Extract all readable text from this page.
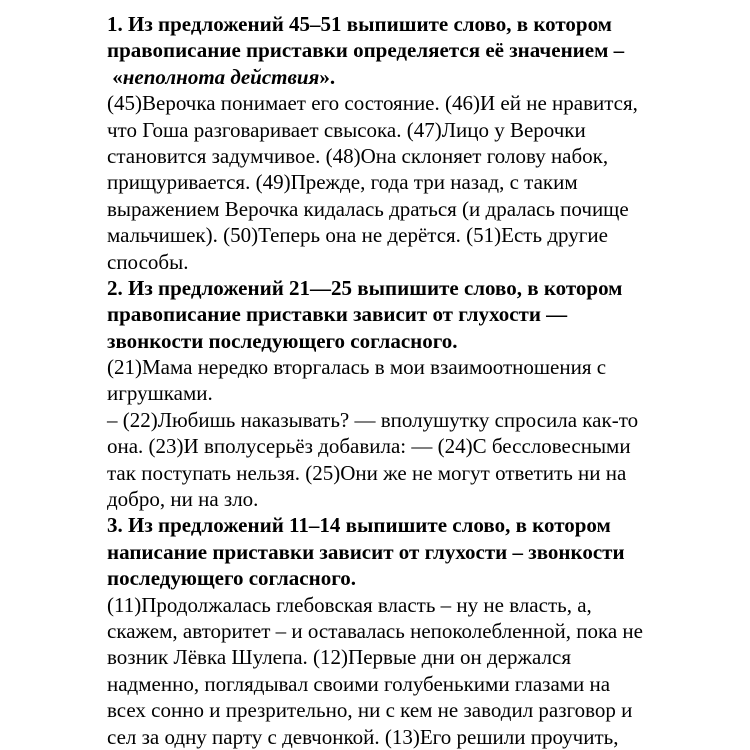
1. Из предложений 45–51 выпишите слово, в котором
правописание приставки определяется её значением –
«неполнота действия».
(45)Верочка понимает его состояние. (46)И ей не нравится,
что Гоша разговаривает свысока. (47)Лицо у Верочки
становится задумчивое. (48)Она склоняет голову набок,
прищуривается. (49)Прежде, года три назад, с таким
выражением Верочка кидалась драться (и дралась почище
мальчишек). (50)Теперь она не дерётся. (51)Есть другие
способы.
2. Из предложений 21—25 выпишите слово, в котором
правописание приставки зависит от глухости —
звонкости последующего согласного.
(21)Мама нередко вторгалась в мои взаимоотношения с
игрушками.
– (22)Любишь наказывать? — вполушутку спросила как-то
она. (23)И вполусерьёз добавила: — (24)С бессловесными
так поступать нельзя. (25)Они же не могут ответить ни на
добро, ни на зло.
3. Из предложений 11–14 выпишите слово, в котором
написание приставки зависит от глухости – звонкости
последующего согласного.
(11)Продолжалась глебовская власть – ну не власть, а,
скажем, авторитет – и оставалась непоколебленной, пока не
возник Лёвка Шулепа. (12)Первые дни он держался
надменно, поглядывал своими голубенькими глазами на
всех сонно и презрительно, ни с кем не заводил разговор и
сел за одну парту с девчонкой. (13)Его решили проучить,
